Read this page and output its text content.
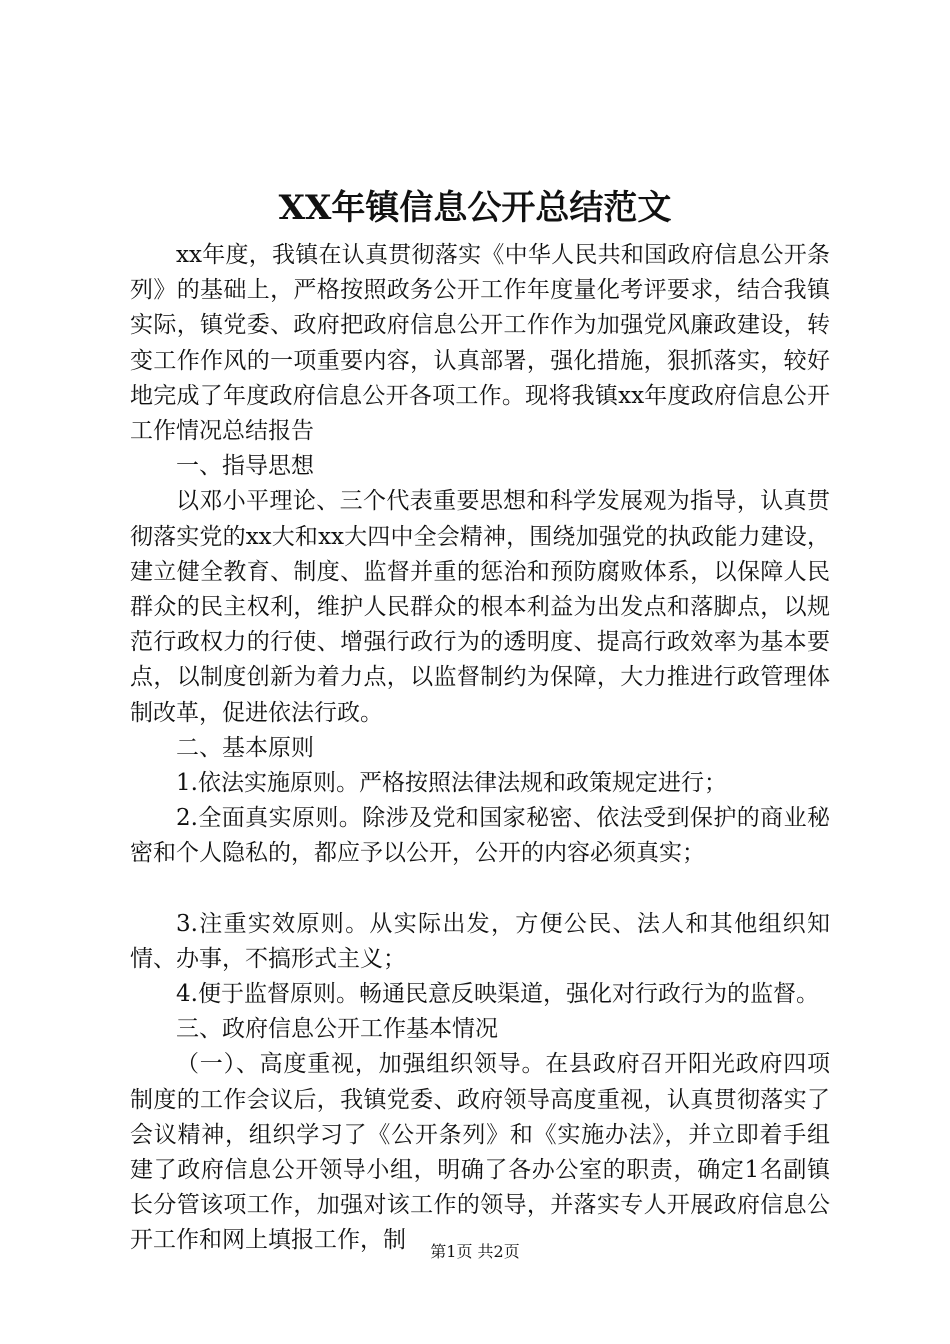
XX年镇信息公开总结范文

xx年度，我镇在认真贯彻落实《中华人民共和国政府信息公开条列》的基础上，严格按照政务公开工作年度量化考评要求，结合我镇实际，镇党委、政府把政府信息公开工作作为加强党风廉政建设，转变工作作风的一项重要内容，认真部署，强化措施，狠抓落实，较好地完成了年度政府信息公开各项工作。现将我镇xx年度政府信息公开工作情况总结报告

一、指导思想

以邓小平理论、三个代表重要思想和科学发展观为指导，认真贯彻落实党的xx大和xx大四中全会精神，围绕加强党的执政能力建设，建立健全教育、制度、监督并重的惩治和预防腐败体系，以保障人民群众的民主权利，维护人民群众的根本利益为出发点和落脚点，以规范行政权力的行使、增强行政行为的透明度、提高行政效率为基本要点，以制度创新为着力点，以监督制约为保障，大力推进行政管理体制改革，促进依法行政。

二、基本原则

1.依法实施原则。严格按照法律法规和政策规定进行；

2.全面真实原则。除涉及党和国家秘密、依法受到保护的商业秘密和个人隐私的，都应予以公开，公开的内容必须真实；

3.注重实效原则。从实际出发，方便公民、法人和其他组织知情、办事，不搞形式主义；

4.便于监督原则。畅通民意反映渠道，强化对行政行为的监督。

三、政府信息公开工作基本情况

（一）、高度重视，加强组织领导。在县政府召开阳光政府四项制度的工作会议后，我镇党委、政府领导高度重视，认真贯彻落实了会议精神，组织学习了《公开条列》和《实施办法》，并立即着手组建了政府信息公开领导小组，明确了各办公室的职责，确定1名副镇长分管该项工作，加强对该工作的领导，并落实专人开展政府信息公开工作和网上填报工作，制	第1页 共2页
